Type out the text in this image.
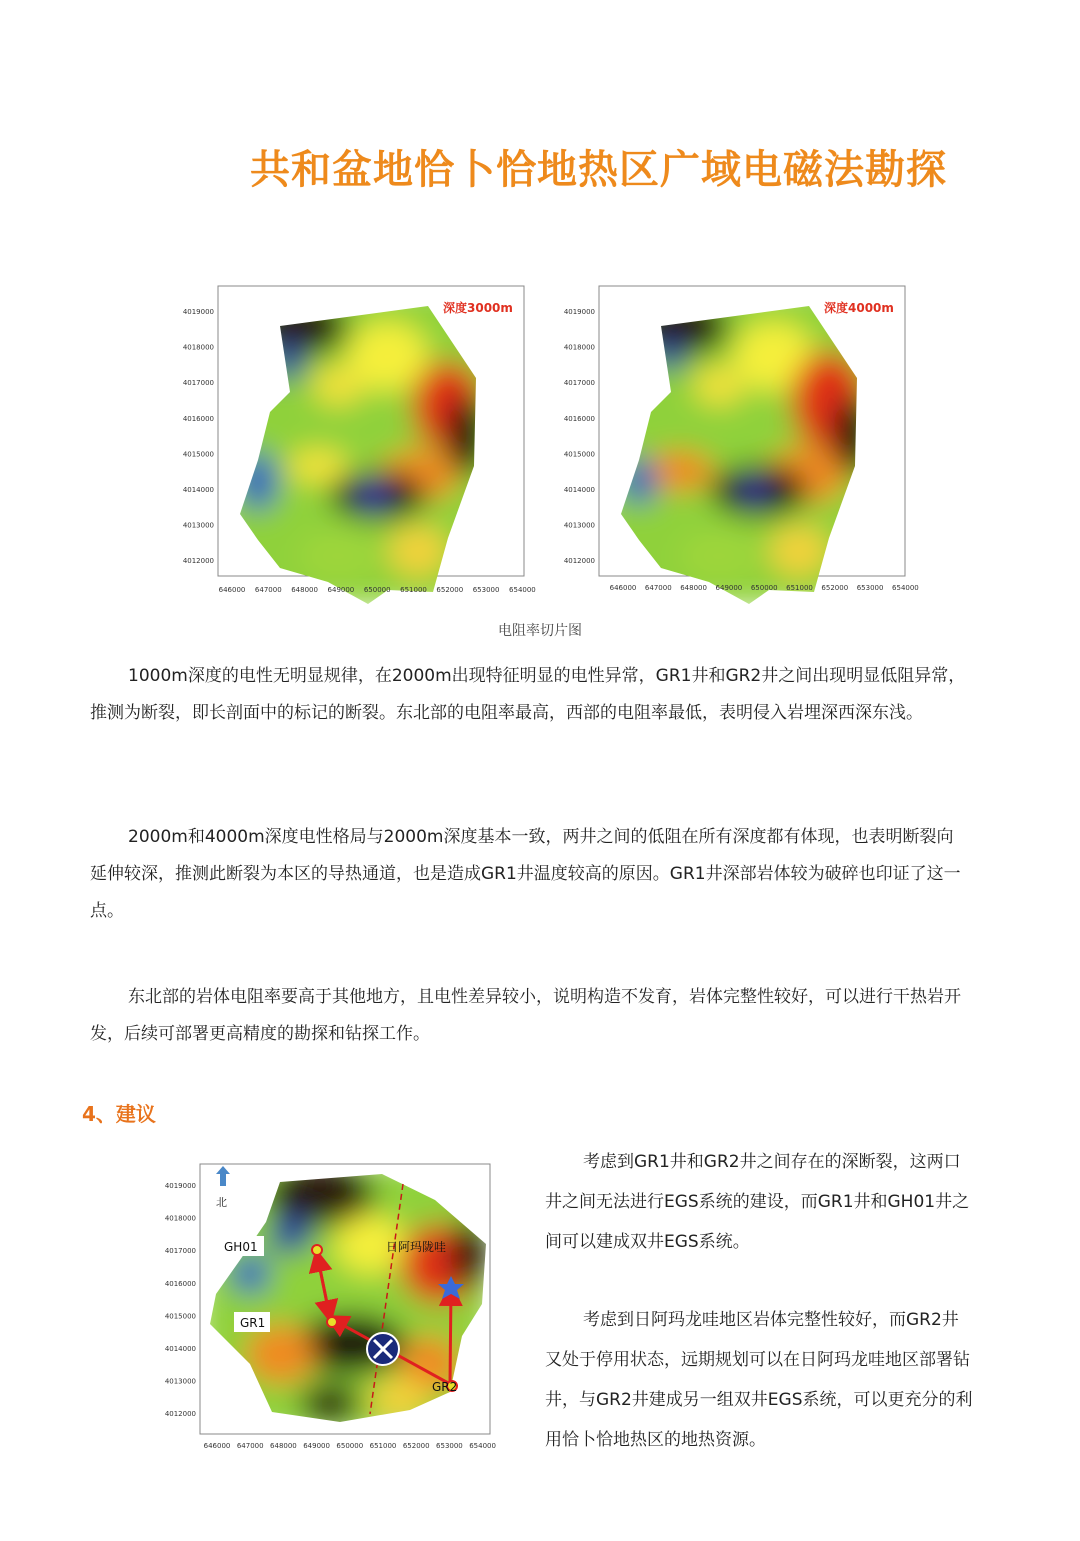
共和盆地恰卜恰地热区广域电磁法勘探
深度3000m
4019000
4018000
4017000
4016000
4015000
4014000
4013000
4012000
646000 647000 648000 649000 650000 651000 652000 653000 654000
深度4000m
4019000
4018000
4017000
4016000
4015000
4014000
4013000
4012000
646000 647000 648000 649000 650000 651000 652000 653000 654000
电阻率切片图

1000m深度的电性无明显规律，在2000m出现特征明显的电性异常，GR1井和GR2井之间出现明显低阻异常，推测为断裂，即长剖面中的标记的断裂。东北部的电阻率最高，西部的电阻率最低，表明侵入岩埋深西深东浅。

2000m和4000m深度电性格局与2000m深度基本一致，两井之间的低阻在所有深度都有体现，也表明断裂向延伸较深，推测此断裂为本区的导热通道，也是造成GR1井温度较高的原因。GR1井深部岩体较为破碎也印证了这一点。

东北部的岩体电阻率要高于其他地方，且电性差异较小，说明构造不发育，岩体完整性较好，可以进行干热岩开发，后续可部署更高精度的勘探和钻探工作。

4、建议
北
GH01
GR1
GR2
日阿玛陇哇
4019000
4018000
4017000
4016000
4015000
4014000
4013000
4012000
646000 647000 648000 649000 650000 651000 652000 653000 654000

考虑到GR1井和GR2井之间存在的深断裂，这两口井之间无法进行EGS系统的建设，而GR1井和GH01井之间可以建成双井EGS系统。

考虑到日阿玛龙哇地区岩体完整性较好，而GR2井又处于停用状态，远期规划可以在日阿玛龙哇地区部署钻井，与GR2井建成另一组双井EGS系统，可以更充分的利用恰卜恰地热区的地热资源。
